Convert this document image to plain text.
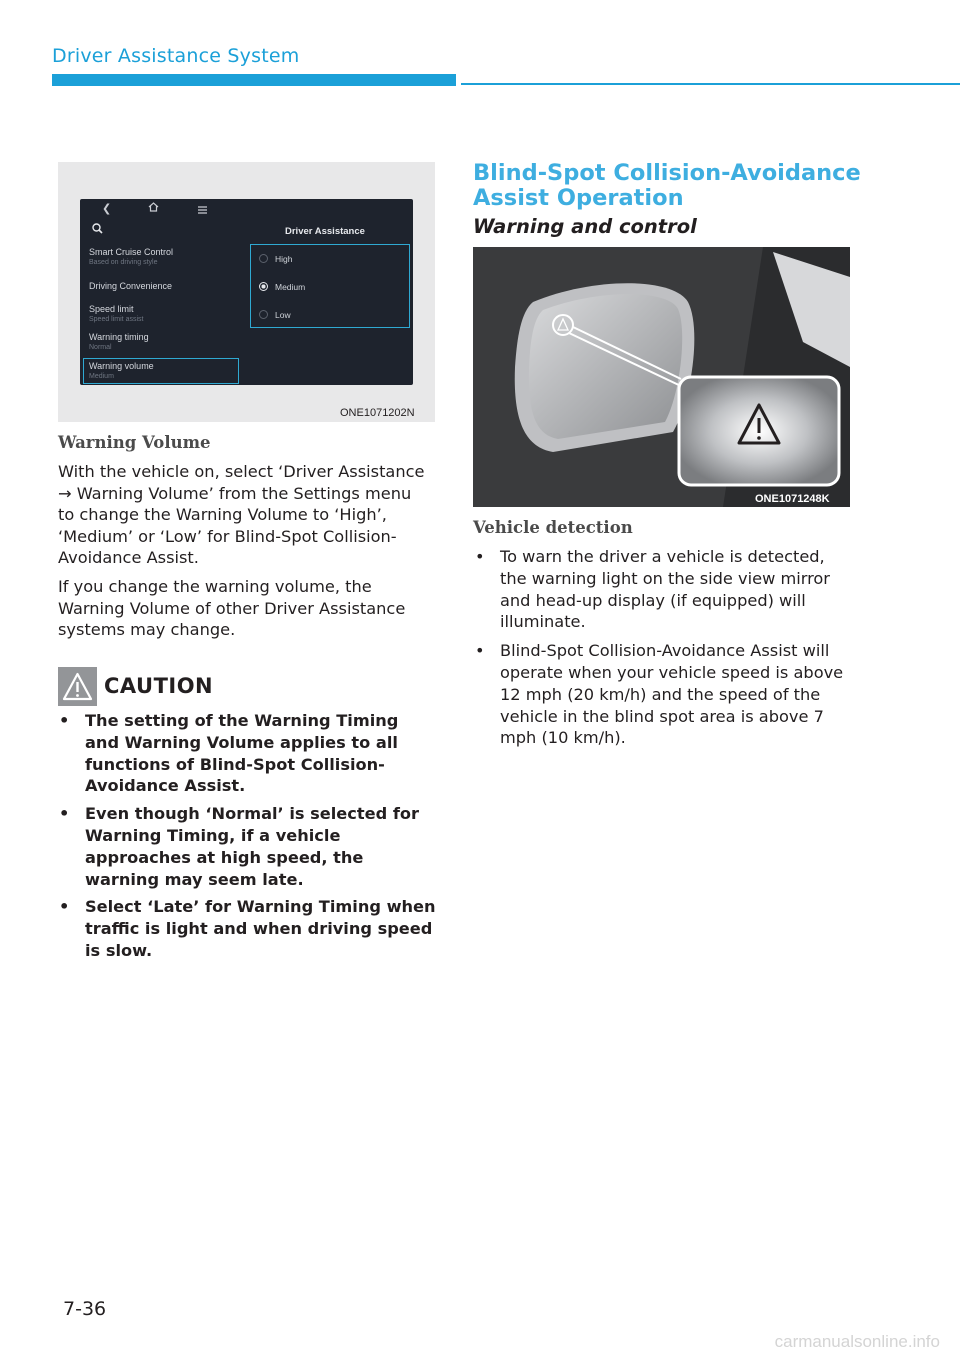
Driver Assistance System
❮
Driver Assistance
Smart Cruise Control
Based on driving style
Driving Convenience
Speed limit
Speed limit assist
Warning timing
Normal
Warning volume
Medium
High
Medium
Low
ONE1071202N
Warning Volume

With the vehicle on, select ‘Driver Assistance → Warning Volume’ from the Settings menu to change the Warning Volume to ‘High’, ‘Medium’ or ‘Low’ for Blind-Spot Collision-Avoidance Assist.

If you change the warning volume, the Warning Volume of other Driver Assistance systems may change.

CAUTION
• The setting of the Warning Timing and Warning Volume applies to all functions of Blind-Spot Collision-Avoidance Assist.
• Even though ‘Normal’ is selected for Warning Timing, if a vehicle approaches at high speed, the warning may seem late.
• Select ‘Late’ for Warning Timing when traffic is light and when driving speed is slow.
Blind-Spot Collision-Avoidance
Assist Operation
Warning and control
ONE1071248K
Vehicle detection
• To warn the driver a vehicle is detected, the warning light on the side view mirror and head-up display (if equipped) will illuminate.
• Blind-Spot Collision-Avoidance Assist will operate when your vehicle speed is above 12 mph (20 km/h) and the speed of the vehicle in the blind spot area is above 7 mph (10 km/h).
7-36
carmanualsonline.info
